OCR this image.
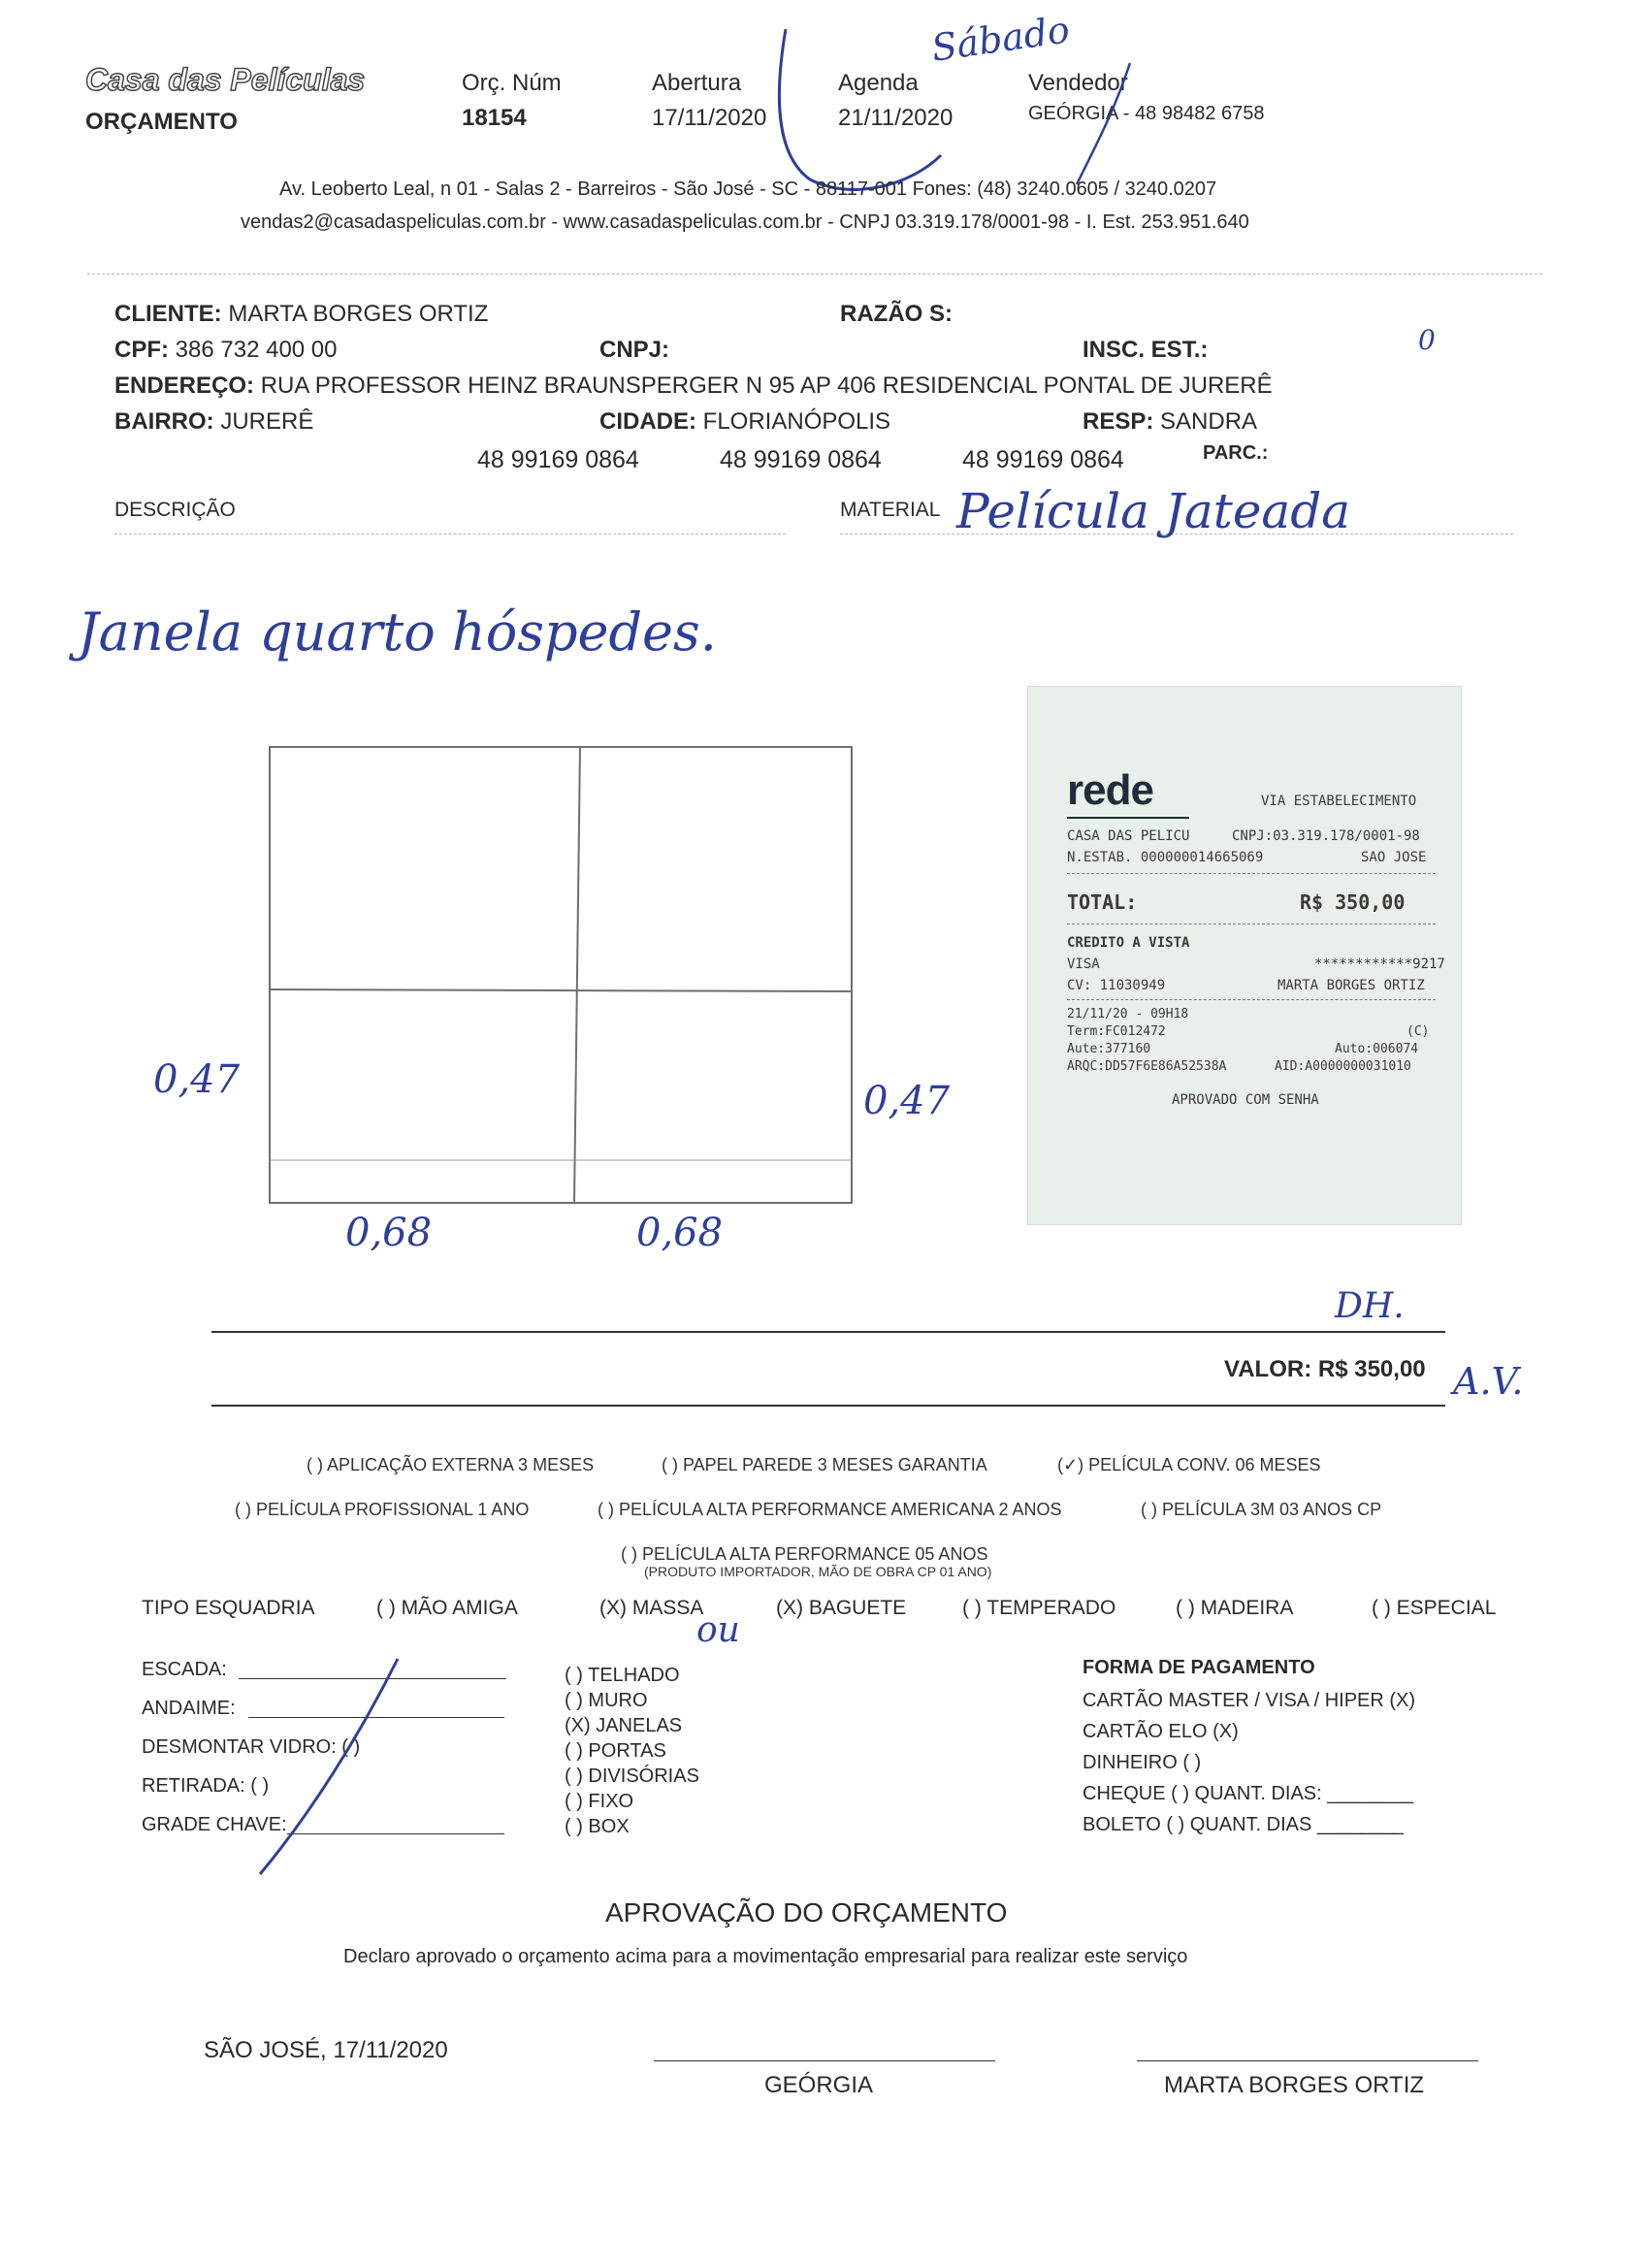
Casa das Películas
ORÇAMENTO
Orç. Núm
18154
Abertura
17/11/2020
Agenda
21/11/2020
Vendedor
GEÓRGIA - 48 98482 6758
Sábado
Av. Leoberto Leal, n 01 - Salas 2 - Barreiros - São José - SC - 88117-001 Fones: (48) 3240.0605 / 3240.0207
vendas2@casadaspeliculas.com.br - www.casadaspeliculas.com.br - CNPJ 03.319.178/0001-98 - I. Est. 253.951.640
CLIENTE: MARTA BORGES ORTIZ	RAZÃO S:
CPF: 386 732 400 00	CNPJ:	INSC. EST.:	0
ENDEREÇO: RUA PROFESSOR HEINZ BRAUNSPERGER N 95 AP 406 RESIDENCIAL PONTAL DE JURERÊ
BAIRRO: JURERÊ	CIDADE: FLORIANÓPOLIS	RESP: SANDRA
48 99169 0864	48 99169 0864	48 99169 0864	PARC.:
DESCRIÇÃO	MATERIAL Película Jateada
Janela quarto hóspedes.
0,47	0,47
0,68	0,68
rede	VIA ESTABELECIMENTO
CASA DAS PELICU	CNPJ:03.319.178/0001-98
N.ESTAB. 000000014665069	SAO JOSE
TOTAL:	R$ 350,00
CREDITO A VISTA
VISA	************9217
CV: 11030949	MARTA BORGES ORTIZ
21/11/20 - 09H18
Term:FC012472	(C)
Aute:377160	Auto:006074
ARQC:DD57F6E86A52538A	AID:A0000000031010
APROVADO COM SENHA
DH.
VALOR: R$ 350,00 A.V.
( ) APLICAÇÃO EXTERNA 3 MESES	( ) PAPEL PAREDE 3 MESES GARANTIA	(✓) PELÍCULA CONV. 06 MESES
( ) PELÍCULA PROFISSIONAL 1 ANO	( ) PELÍCULA ALTA PERFORMANCE AMERICANA 2 ANOS	( ) PELÍCULA 3M 03 ANOS CP
( ) PELÍCULA ALTA PERFORMANCE 05 ANOS
(PRODUTO IMPORTADOR, MÃO DE OBRA CP 01 ANO)
TIPO ESQUADRIA	( ) MÃO AMIGA	(X) MASSA
ou
(X) BAGUETE	( ) TEMPERADO	( ) MADEIRA	( ) ESPECIAL
ESCADA:
ANDAIME:
DESMONTAR VIDRO: ( )
RETIRADA: ( )
GRADE CHAVE:
( ) TELHADO
( ) MURO
(X) JANELAS
( ) PORTAS
( ) DIVISÓRIAS
( ) FIXO
( ) BOX
FORMA DE PAGAMENTO
CARTÃO MASTER / VISA / HIPER (X)
CARTÃO ELO (X)
DINHEIRO ( )
CHEQUE ( ) QUANT. DIAS: ________
BOLETO ( ) QUANT. DIAS ________
APROVAÇÃO DO ORÇAMENTO
Declaro aprovado o orçamento acima para a movimentação empresarial para realizar este serviço
SÃO JOSÉ, 17/11/2020
GEÓRGIA	MARTA BORGES ORTIZ
